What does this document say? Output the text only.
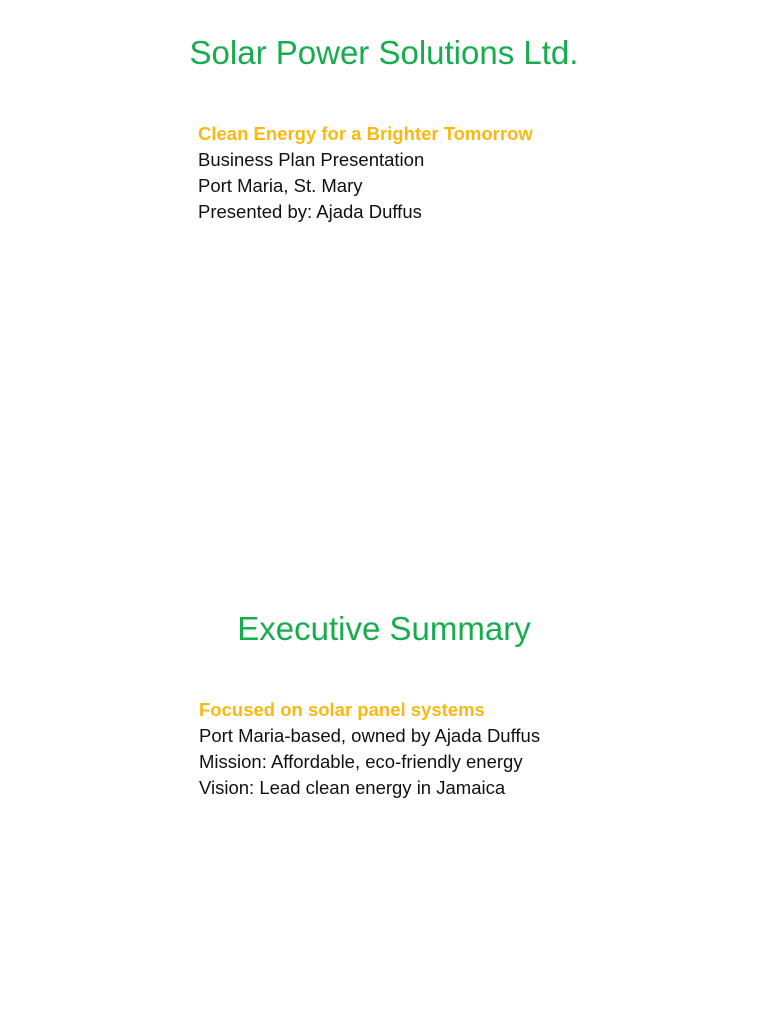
Solar Power Solutions Ltd.
Clean Energy for a Brighter Tomorrow
Business Plan Presentation
Port Maria, St. Mary
Presented by: Ajada Duffus
Executive Summary
Focused on solar panel systems
Port Maria-based, owned by Ajada Duffus
Mission: Affordable, eco-friendly energy
Vision: Lead clean energy in Jamaica
